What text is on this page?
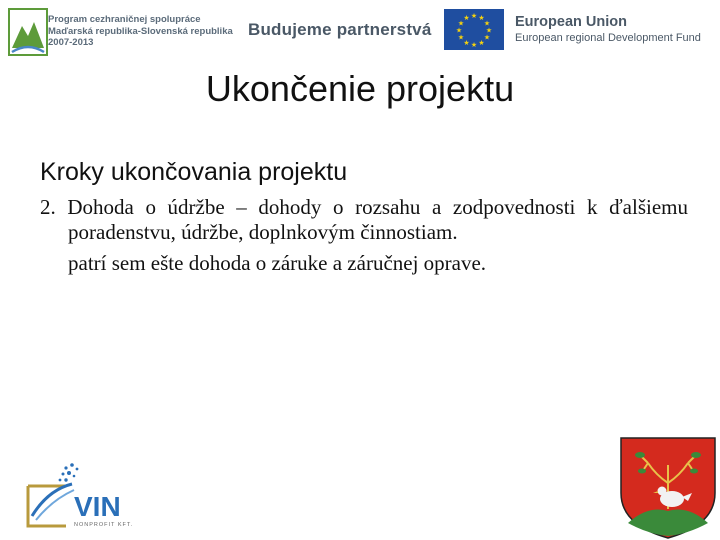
Program cezhraničnej spolupráce
Maďarská republika-Slovenská republika
2007-2013
Budujeme partnerstvá
★ ★
★
★
★
★
★
★
★
★
★
★	European Union
European regional Development Fund
Ukončenie projektu
Kroky ukončovania projektu

2. Dohoda o údržbe – dohody o rozsahu a zodpovednosti k ďalšiemu poradenstvu, údržbe, doplnkovým činnostiam.

patrí sem ešte dohoda o záruke a záručnej oprave.

VIN
NONPROFIT KFT.
